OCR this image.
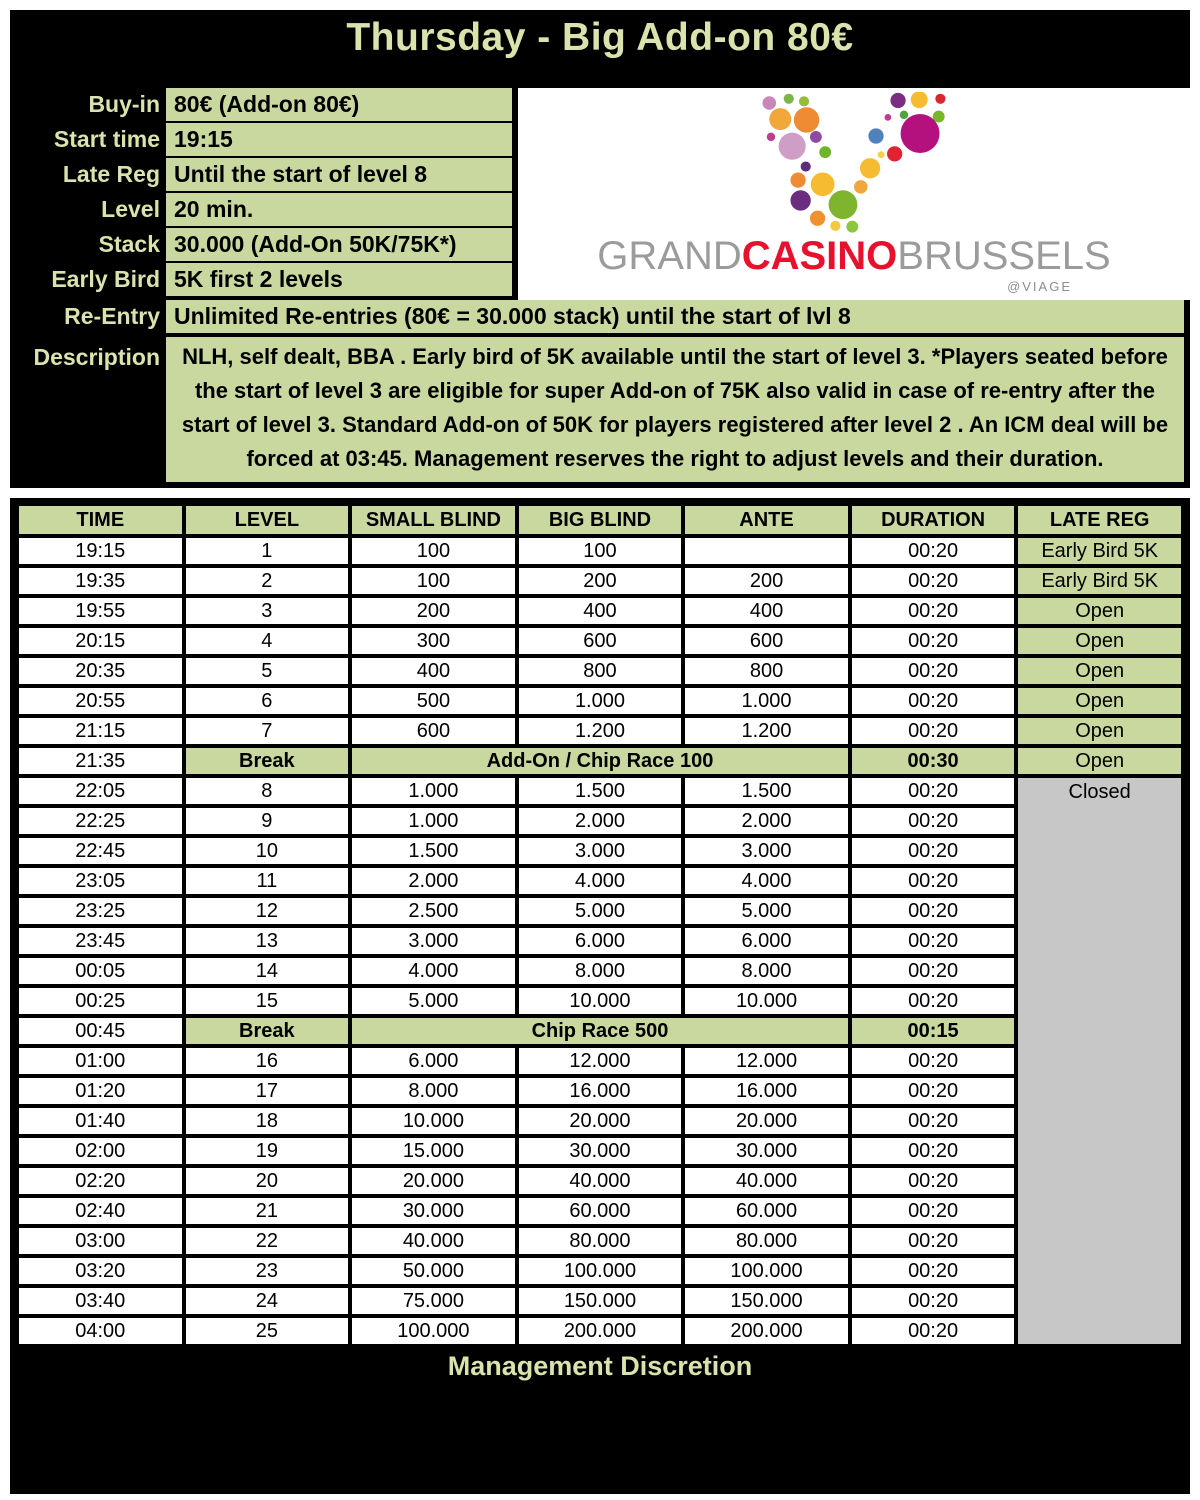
Thursday - Big Add-on 80€
Buy-in 80€ (Add-on 80€)
Start time 19:15
Late Reg Until the start of level 8
Level 20 min.
Stack 30.000 (Add-On 50K/75K*)
Early Bird 5K first 2 levels
Re-Entry Unlimited Re-entries (80€ = 30.000 stack) until the start of lvl 8
Description	NLH, self dealt, BBA . Early bird of 5K available until the start of level 3. *Players seated before the start of level 3 are eligible for super Add-on of 75K also valid in case of re-entry after the start of level 3. Standard Add-on of 50K for players registered after level 2 . An ICM deal will be forced at 03:45. Management reserves the right to adjust levels and their duration.
GRANDCASINOBRUSSELS
@VIAGE
TIME	LEVEL	SMALL BLIND	BIG BLIND	ANTE	DURATION	LATE REG
19:15	1	100	100		00:20	Early Bird 5K
19:35	2	100	200	200	00:20	Early Bird 5K
19:55	3	200	400	400	00:20	Open
20:15	4	300	600	600	00:20	Open
20:35	5	400	800	800	00:20	Open
20:55	6	500	1.000	1.000	00:20	Open
21:15	7	600	1.200	1.200	00:20	Open
21:35	Break	Add-On / Chip Race 100			00:30	Open
22:05	8	1.000	1.500	1.500	00:20	Closed
22:25	9	1.000	2.000	2.000	00:20	
22:45	10	1.500	3.000	3.000	00:20	
23:05	11	2.000	4.000	4.000	00:20	
23:25	12	2.500	5.000	5.000	00:20	
23:45	13	3.000	6.000	6.000	00:20	
00:05	14	4.000	8.000	8.000	00:20	
00:25	15	5.000	10.000	10.000	00:20	
00:45	Break	Chip Race 500			00:15	
01:00	16	6.000	12.000	12.000	00:20	
01:20	17	8.000	16.000	16.000	00:20	
01:40	18	10.000	20.000	20.000	00:20	
02:00	19	15.000	30.000	30.000	00:20	
02:20	20	20.000	40.000	40.000	00:20	
02:40	21	30.000	60.000	60.000	00:20	
03:00	22	40.000	80.000	80.000	00:20	
03:20	23	50.000	100.000	100.000	00:20	
03:40	24	75.000	150.000	150.000	00:20	
04:00	25	100.000	200.000	200.000	00:20	
Management Discretion
